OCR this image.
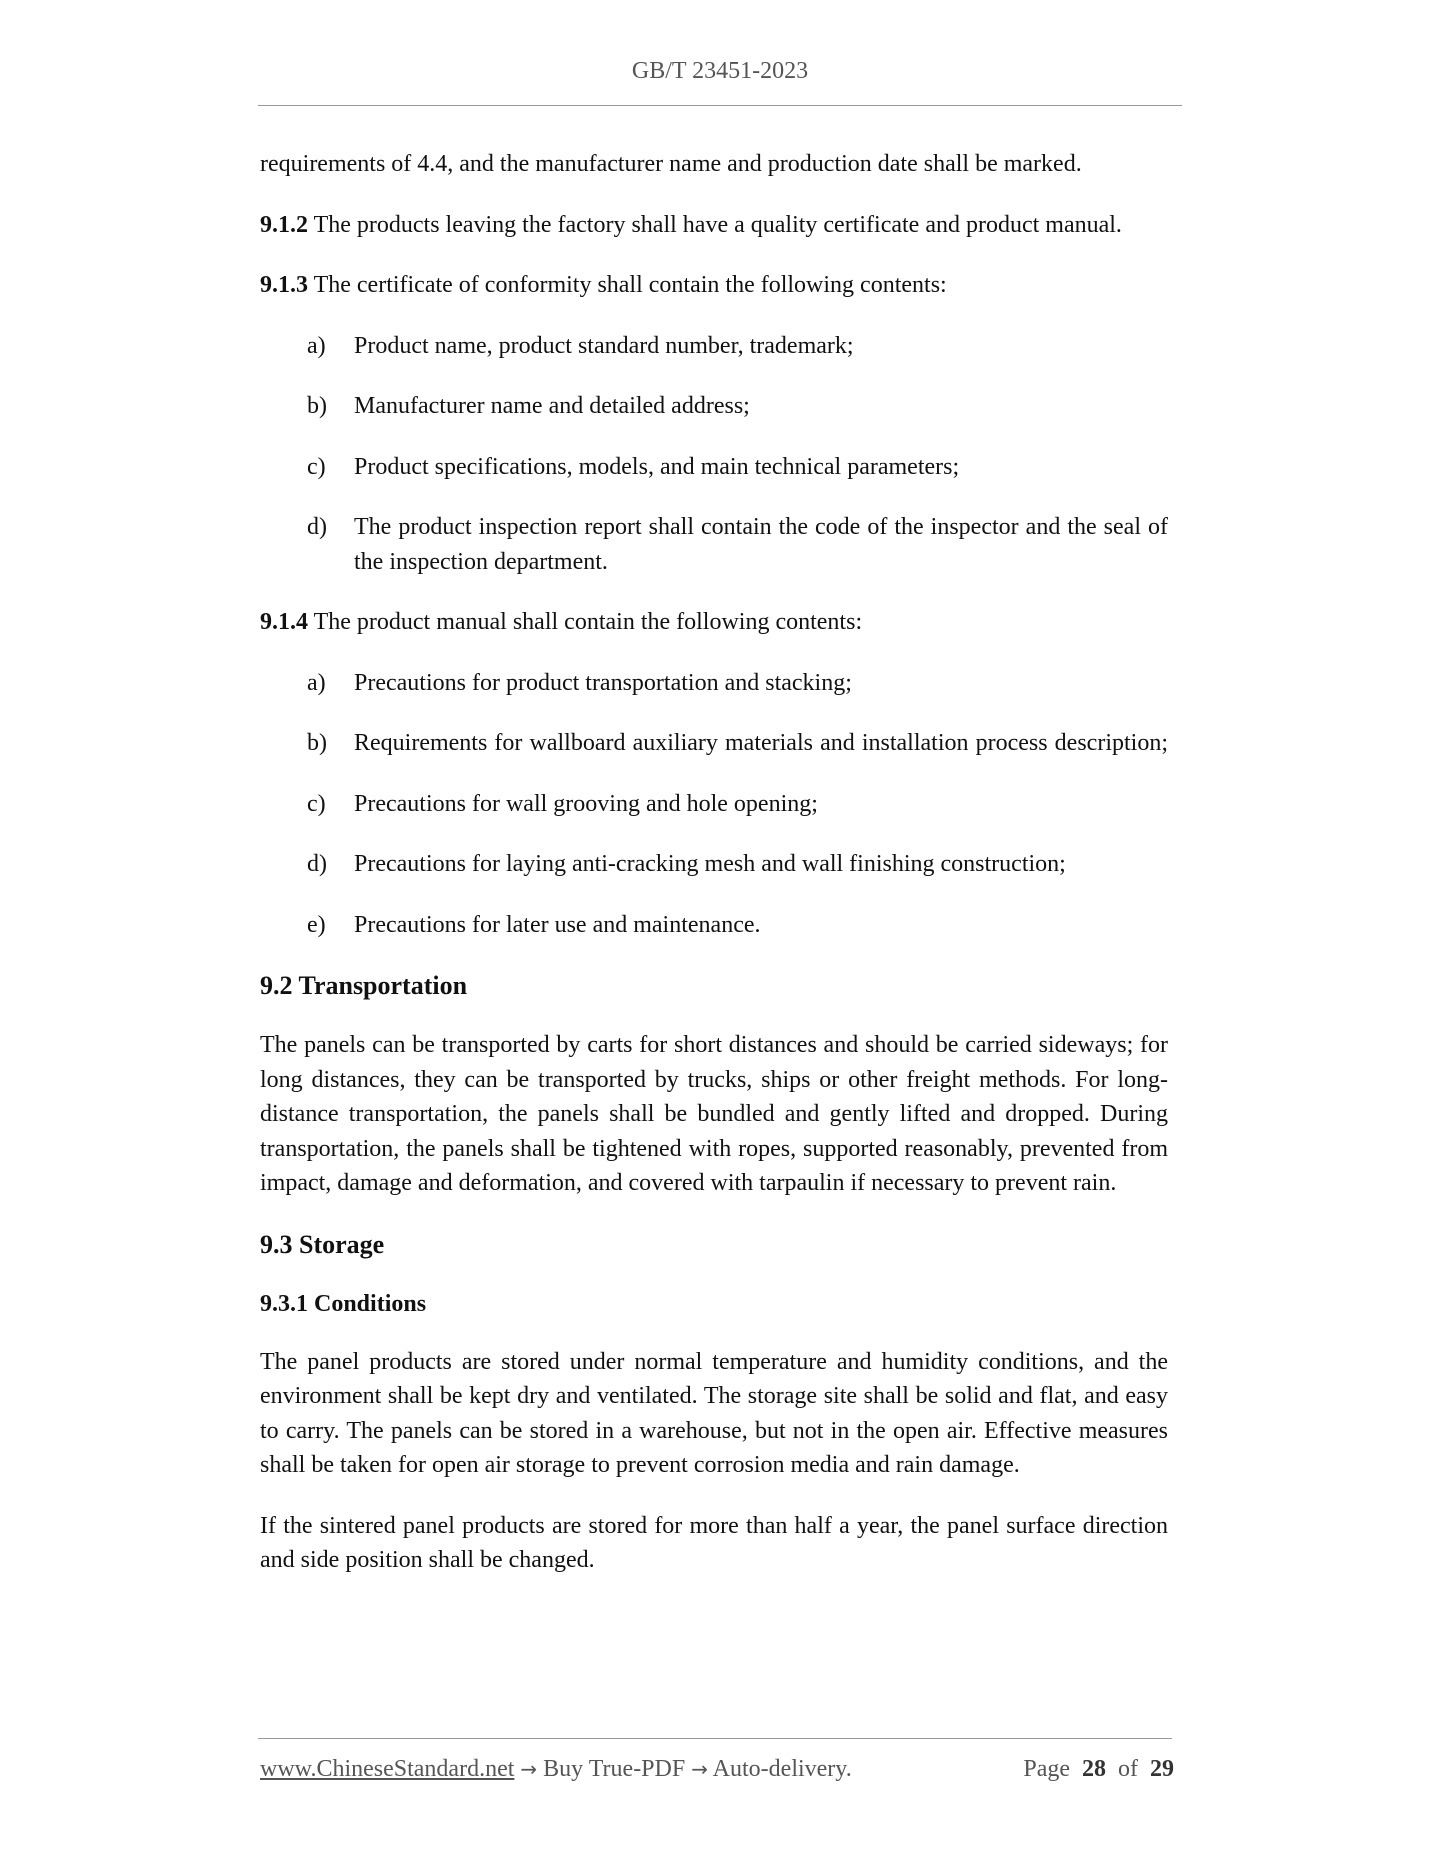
GB/T 23451-2023

requirements of 4.4, and the manufacturer name and production date shall be marked.

9.1.2 The products leaving the factory shall have a quality certificate and product manual.

9.1.3 The certificate of conformity shall contain the following contents:

a)	Product name, product standard number, trademark;
b)	Manufacturer name and detailed address;
c)	Product specifications, models, and main technical parameters;
d)	The product inspection report shall contain the code of the inspector and the seal of the inspection department.

9.1.4 The product manual shall contain the following contents:

a)	Precautions for product transportation and stacking;
b)	Requirements for wallboard auxiliary materials and installation process description;
c)	Precautions for wall grooving and hole opening;
d)	Precautions for laying anti-cracking mesh and wall finishing construction;
e)	Precautions for later use and maintenance.
9.2 Transportation

The panels can be transported by carts for short distances and should be carried sideways; for long distances, they can be transported by trucks, ships or other freight methods. For long-distance transportation, the panels shall be bundled and gently lifted and dropped. During transportation, the panels shall be tightened with ropes, supported reasonably, prevented from impact, damage and deformation, and covered with tarpaulin if necessary to prevent rain.

9.3 Storage
9.3.1 Conditions

The panel products are stored under normal temperature and humidity conditions, and the environment shall be kept dry and ventilated. The storage site shall be solid and flat, and easy to carry. The panels can be stored in a warehouse, but not in the open air. Effective measures shall be taken for open air storage to prevent corrosion media and rain damage.

If the sintered panel products are stored for more than half a year, the panel surface direction and side position shall be changed.

www.ChineseStandard.net → Buy True-PDF → Auto-delivery.	Page 28 of 29
